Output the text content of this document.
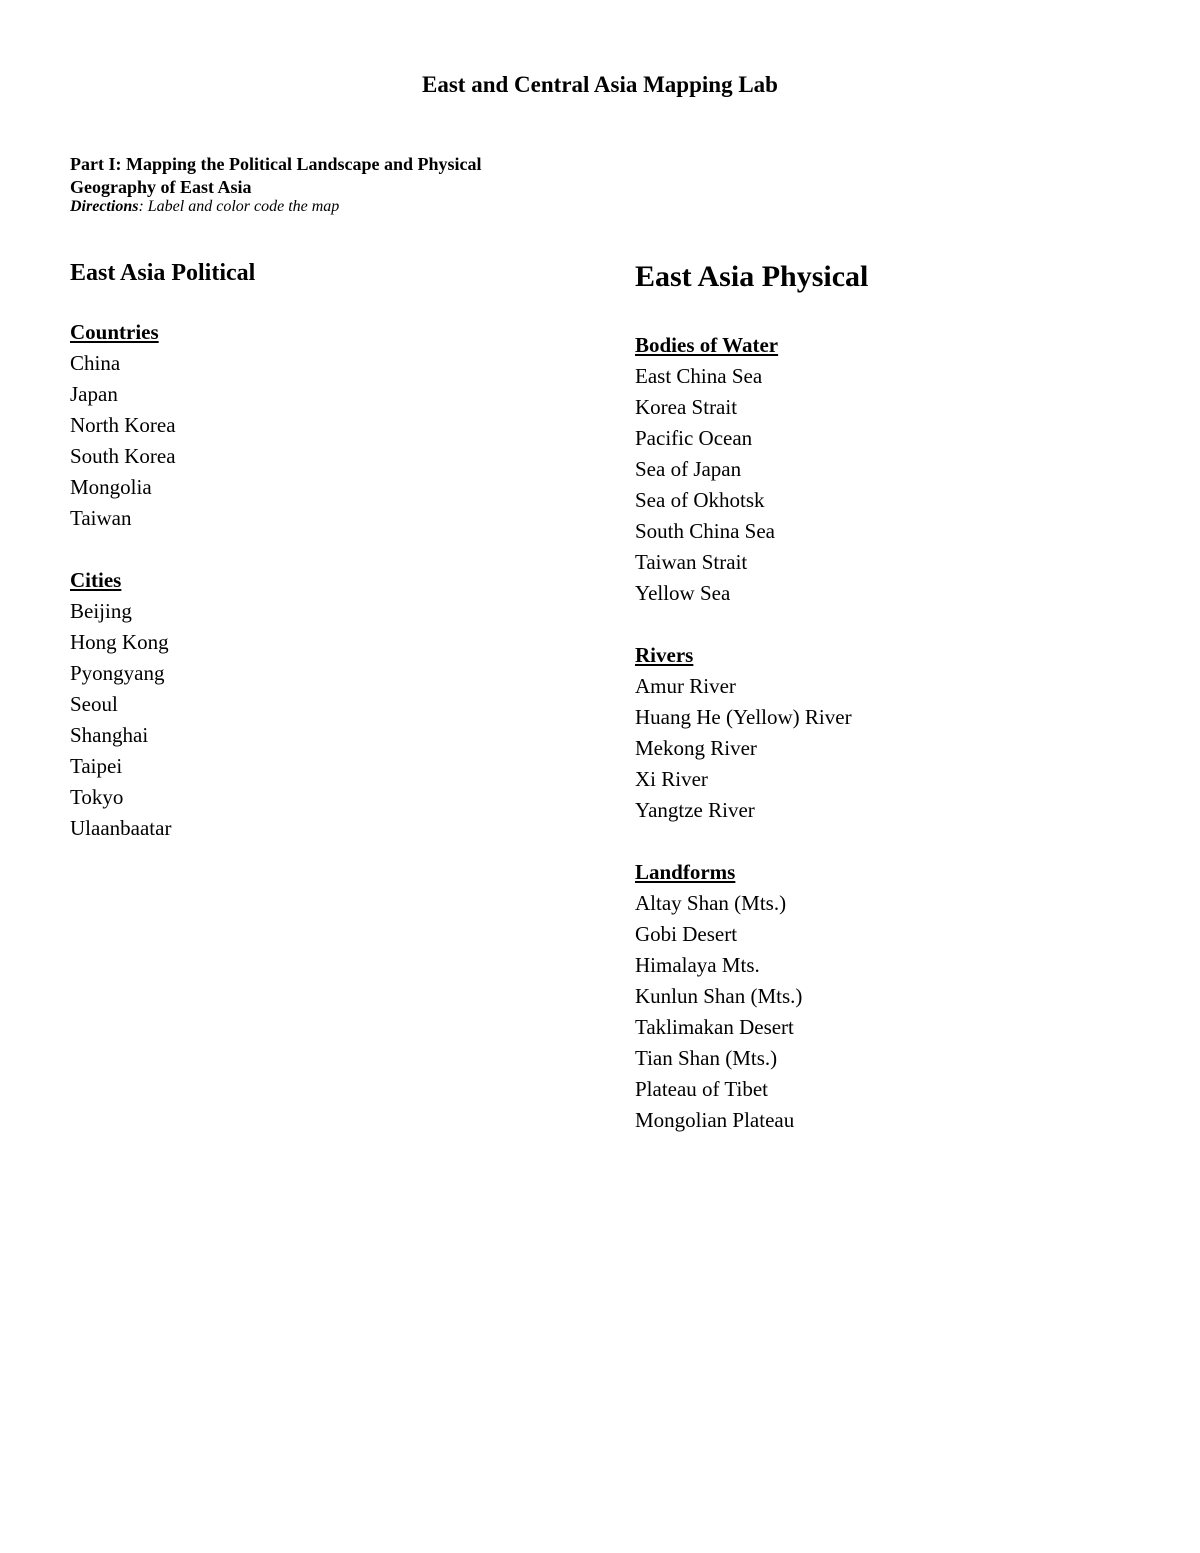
East and Central Asia Mapping Lab
Part I: Mapping the Political Landscape and Physical Geography of East Asia
Directions: Label and color code the map
East Asia Political
Countries
China
Japan
North Korea
South Korea
Mongolia
Taiwan
Cities
Beijing
Hong Kong
Pyongyang
Seoul
Shanghai
Taipei
Tokyo
Ulaanbaatar
East Asia Physical
Bodies of Water
East China Sea
Korea Strait
Pacific Ocean
Sea of Japan
Sea of Okhotsk
South China Sea
Taiwan Strait
Yellow Sea
Rivers
Amur River
Huang He (Yellow) River
Mekong River
Xi River
Yangtze River
Landforms
Altay Shan (Mts.)
Gobi Desert
Himalaya Mts.
Kunlun Shan (Mts.)
Taklimakan Desert
Tian Shan (Mts.)
Plateau of Tibet
Mongolian Plateau
